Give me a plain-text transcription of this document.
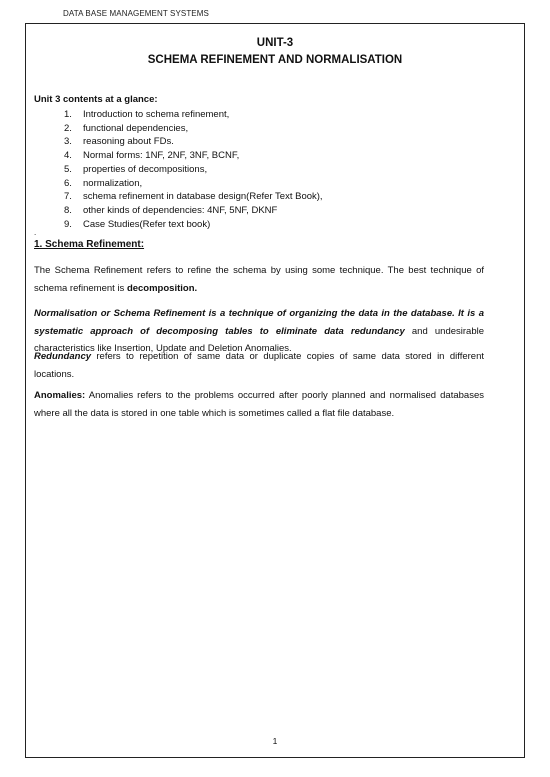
DATA BASE MANAGEMENT SYSTEMS
UNIT-3
SCHEMA REFINEMENT AND NORMALISATION
Unit 3 contents at a glance:
1.	Introduction to schema refinement,
2.	functional dependencies,
3.	reasoning about FDs.
4.	Normal forms: 1NF, 2NF, 3NF, BCNF,
5.	properties of decompositions,
6.	normalization,
7.	schema refinement in database design(Refer Text Book),
8.	other kinds of dependencies: 4NF, 5NF, DKNF
9.	Case Studies(Refer text book)
.
1. Schema Refinement:

The Schema Refinement refers to refine the schema by using some technique. The best technique of schema refinement is decomposition.

Normalisation or Schema Refinement is a technique of organizing the data in the database. It is a systematic approach of decomposing tables to eliminate data redundancy and undesirable characteristics like Insertion, Update and Deletion Anomalies.

Redundancy refers to repetition of same data or duplicate copies of same data stored in different locations.

Anomalies: Anomalies refers to the problems occurred after poorly planned and normalised databases where all the data is stored in one table which is sometimes called a flat file database.

1
